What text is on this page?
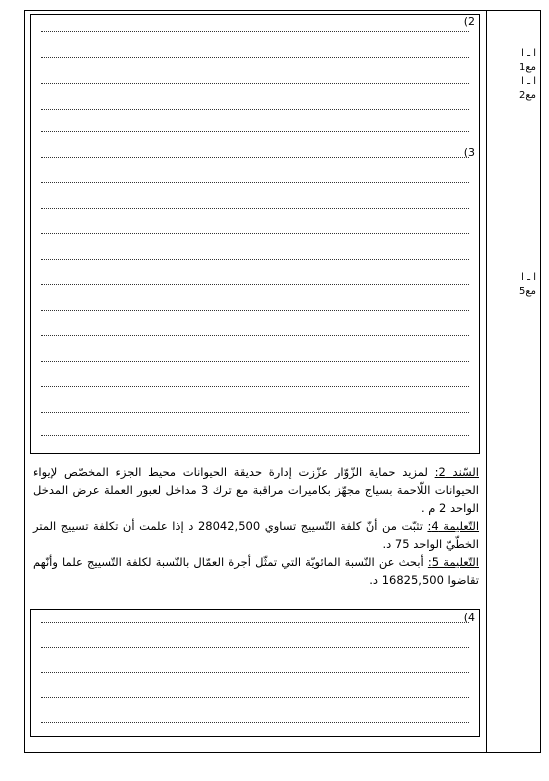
ا ـ ا
مع1
ا ـ ا
مع2
ا ـ ا
مع5
2)
3)

السّند 2: لمزيد حماية الزّوّار عزّزت إدارة حديقة الحيوانات محيط الجزء المخصّص لإيواء الحيوانات اللّاحمة بسياج مجهّز بكاميرات مراقبة مع ترك 3 مداخل لعبور العملة عرض المدخل الواحد 2 م .

التّعليمة 4: تثبّت من أنّ كلفة التّسييج تساوي 28042,500 د إذا علمت أن تكلفة تسييج المتر الخطّيّ الواحد 75 د.

التّعليمة 5: أبحث عن النّسبة المائويّة التي تمثّل أجرة العمّال بالنّسبة لكلفة التّسييج علما وأنّهم تقاضوا 16825,500 د.

4)
